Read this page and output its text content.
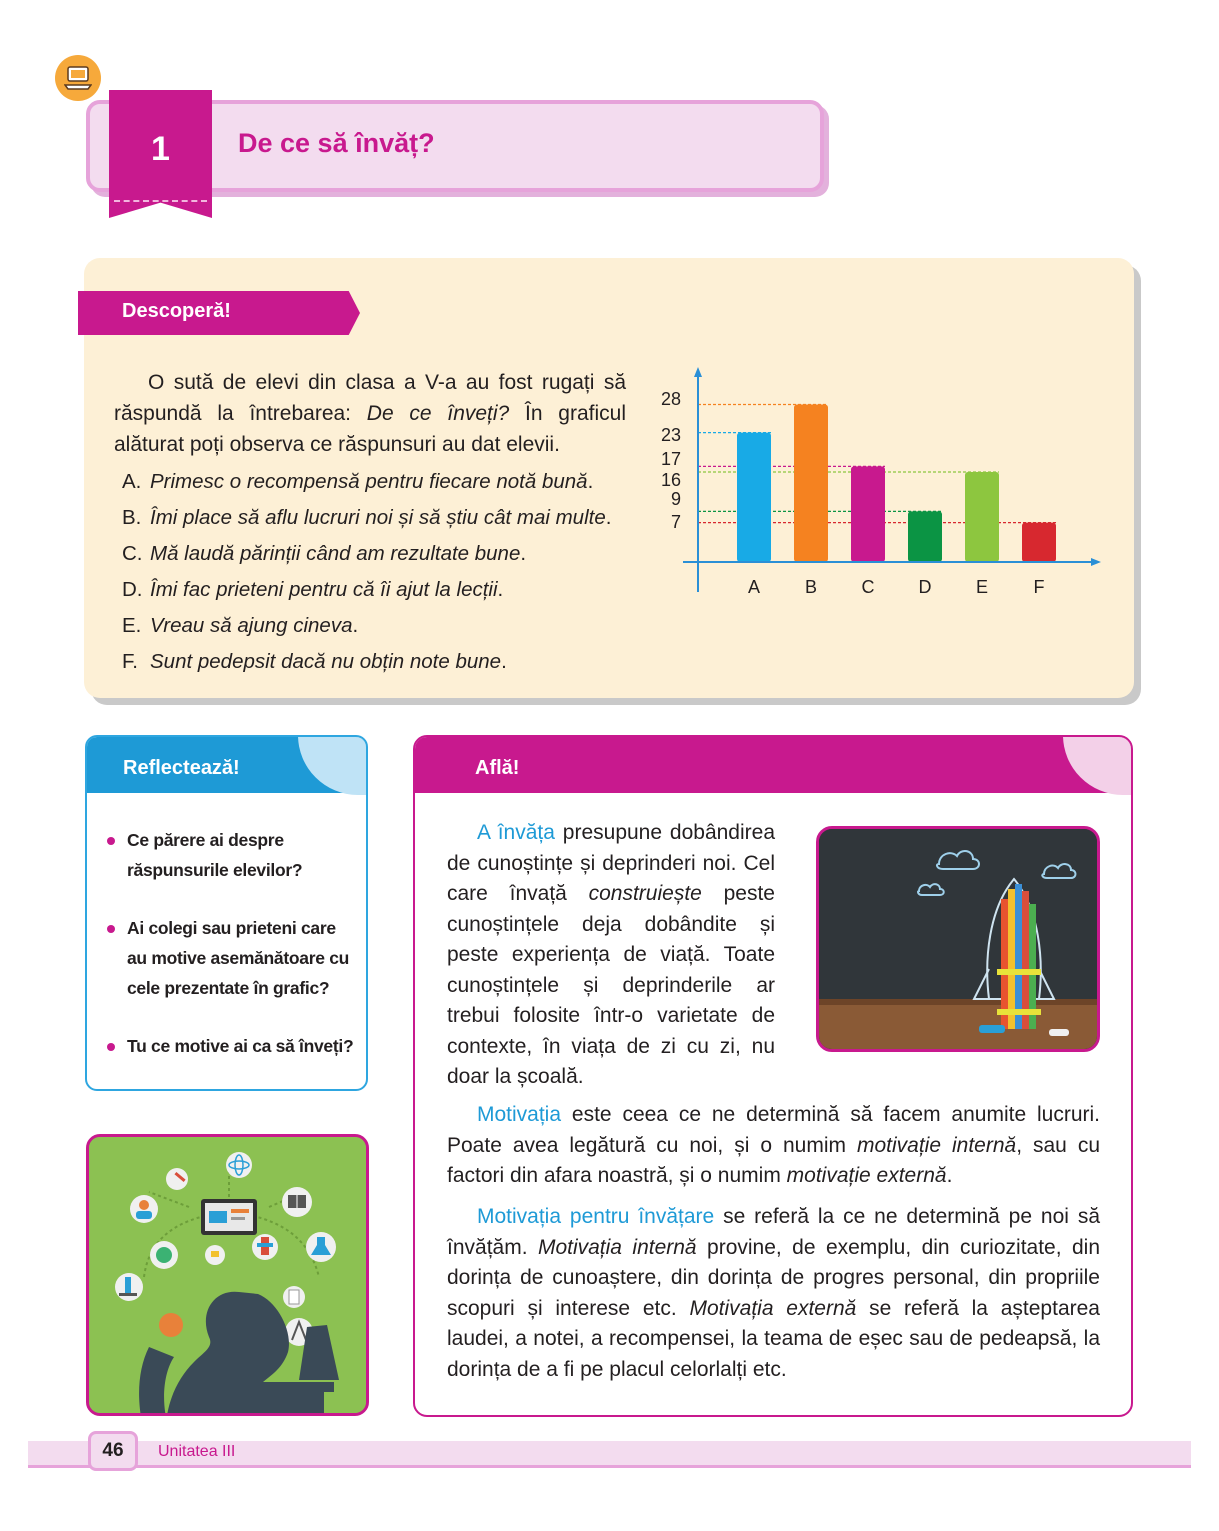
1	De ce să învăț?
Descoperă!

O sută de elevi din clasa a V-a au fost rugați să răspundă la întrebarea: De ce înveți? În graficul alăturat poți observa ce răspunsuri au dat elevii.

A. Primesc o recompensă pentru fiecare notă bună.
B. Îmi place să aflu lucruri noi și să știu cât mai multe.
C. Mă laudă părinții când am rezultate bune.
D. Îmi fac prieteni pentru că îi ajut la lecții.
E. Vreau să ajung cineva.
F. Sunt pedepsit dacă nu obțin note bune.
28
23
17
16
9
7
A B C D E	F
Reflectează!
Ce părere ai despre răspunsurile elevilor?
Ai colegi sau prieteni care au motive asemănătoare cu cele prezentate în grafic?
Tu ce motive ai ca să înveți?
Află!

A învăța presupune dobândirea de cunoștințe și deprinderi noi. Cel care învață construiește peste cunoștințele deja dobândite și peste experiența de viață. Toate cunoștințele și deprinderile ar trebui folosite într-o varietate de contexte, în viața de zi cu zi, nu doar la școală.

Motivația este ceea ce ne determină să facem anumite lucruri. Poate avea legătură cu noi, și o numim motivație internă, sau cu factori din afara noastră, și o numim motivație externă.

Motivația pentru învățare se referă la ce ne determină pe noi să învățăm. Motivația internă provine, de exemplu, din curiozitate, din dorința de cunoaștere, din dorința de progres personal, din propriile scopuri și interese etc. Motivația externă se referă la așteptarea laudei, a notei, a recompensei, la teama de eșec sau de pedeapsă, la dorința de a fi pe placul celorlalți etc.

46	Unitatea III
